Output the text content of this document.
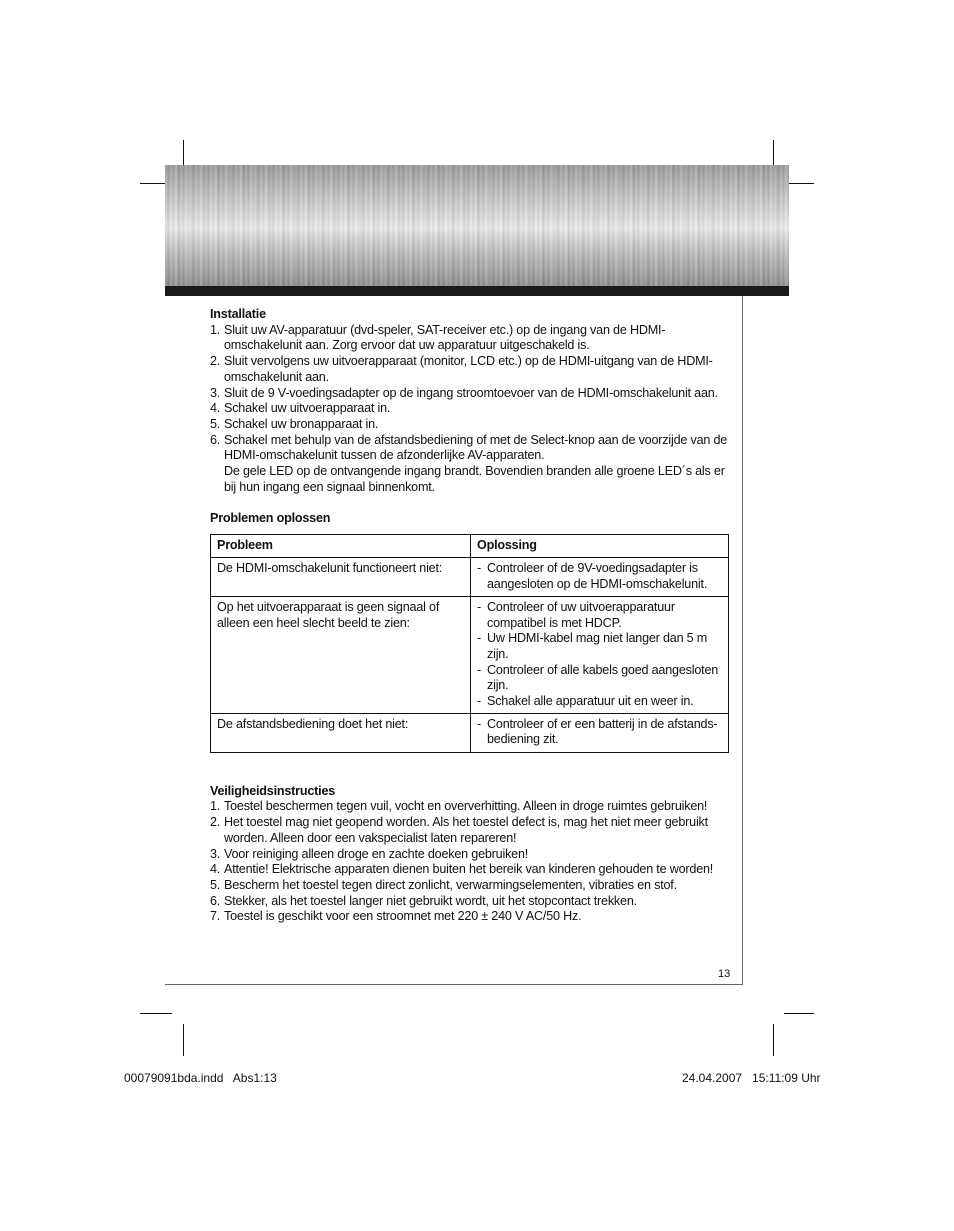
Installatie
1. Sluit uw AV-apparatuur (dvd-speler, SAT-receiver etc.) op de ingang van de HDMI-omschakelunit aan. Zorg ervoor dat uw apparatuur uitgeschakeld is.
2. Sluit vervolgens uw uitvoerapparaat (monitor, LCD etc.) op de HDMI-uitgang van de HDMI-omschakelunit aan.
3. Sluit de 9 V-voedingsadapter op de ingang stroomtoevoer van de HDMI-omschakelunit aan.
4. Schakel uw uitvoerapparaat in.
5. Schakel uw bronapparaat in.
6. Schakel met behulp van de afstandsbediening of met de Select-knop aan de voorzijde van de HDMI-omschakelunit tussen de afzonderlijke AV-apparaten.
De gele LED op de ontvangende ingang brandt. Bovendien branden alle groene LED´s als er bij hun ingang een signaal binnenkomt.
Problemen oplossen
Probleem	Oplossing
De HDMI-omschakelunit functioneert niet:	- Controleer of de 9V-voedingsadapter is aangesloten op de HDMI-omschakelunit.

Op het uitvoerapparaat is geen signaal of alleen een heel slecht beeld te zien:	- Controleer of uw uitvoerapparatuur compatibel is met HDCP.
- Uw HDMI-kabel mag niet langer dan 5 m zijn.
- Controleer of alle kabels goed aangesloten zijn.
- Schakel alle apparatuur uit en weer in.

De afstandsbediening doet het niet:	- Controleer of er een batterij in de afstands-bediening zit.
Veiligheidsinstructies
1. Toestel beschermen tegen vuil, vocht en oververhitting. Alleen in droge ruimtes gebruiken!
2. Het toestel mag niet geopend worden. Als het toestel defect is, mag het niet meer gebruikt worden. Alleen door een vakspecialist laten repareren!
3. Voor reiniging alleen droge en zachte doeken gebruiken!
4. Attentie! Elektrische apparaten dienen buiten het bereik van kinderen gehouden te worden!
5. Bescherm het toestel tegen direct zonlicht, verwarmingselementen, vibraties en stof.
6. Stekker, als het toestel langer niet gebruikt wordt, uit het stopcontact trekken.
7. Toestel is geschikt voor een stroomnet met 220 ± 240 V AC/50 Hz.
13
00079091bda.indd   Abs1:13	24.04.2007   15:11:09 Uhr
